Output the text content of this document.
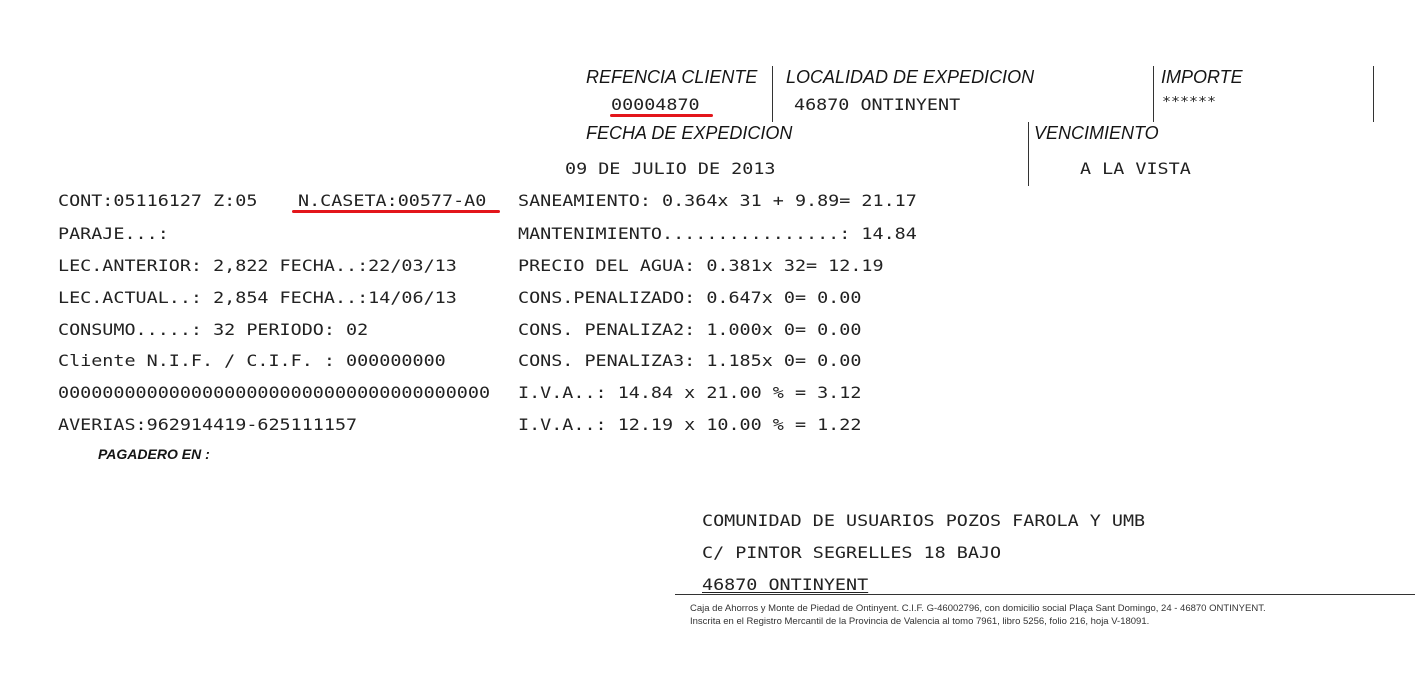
REFENCIA CLIENTE
00004870
LOCALIDAD DE EXPEDICION
46870 ONTINYENT
IMPORTE
******
FECHA DE EXPEDICION
09 DE JULIO DE 2013
VENCIMIENTO
A LA VISTA
CONT:05116127 Z:05	N.CASETA:00577-A0
PARAJE...:
LEC.ANTERIOR: 2,822 FECHA..:22/03/13
LEC.ACTUAL..: 2,854 FECHA..:14/06/13
CONSUMO.....: 32 PERIODO: 02
Cliente N.I.F. / C.I.F. : 000000000
000000000000000000000000000000000000000
AVERIAS:962914419-625111157
SANEAMIENTO: 0.364x 31 + 9.89= 21.17
MANTENIMIENTO................: 14.84
PRECIO DEL AGUA: 0.381x 32= 12.19
CONS.PENALIZADO: 0.647x 0= 0.00
CONS. PENALIZA2: 1.000x 0= 0.00
CONS. PENALIZA3: 1.185x 0= 0.00
I.V.A..: 14.84 x 21.00 % = 3.12
I.V.A..: 12.19 x 10.00 % = 1.22
PAGADERO EN :
COMUNIDAD DE USUARIOS POZOS FAROLA Y UMB
C/ PINTOR SEGRELLES 18 BAJO
46870 ONTINYENT
Caja de Ahorros y Monte de Piedad de Ontinyent. C.I.F. G-46002796, con domicilio social Plaça Sant Domingo, 24 - 46870 ONTINYENT.
Inscrita en el Registro Mercantil de la Provincia de Valencia al tomo 7961, libro 5256, folio 216, hoja V-18091.
